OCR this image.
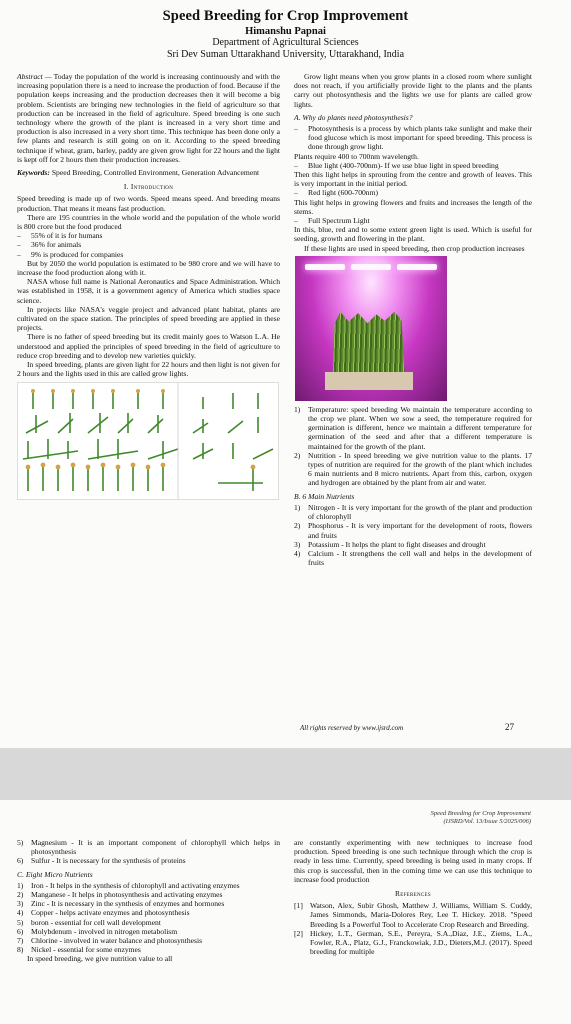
Speed Breeding for Crop Improvement
Himanshu Papnai
Department of Agricultural Sciences
Sri Dev Suman Uttarakhand University, Uttarakhand, India

Abstract — Today the population of the world is increasing continuously and with the increasing population there is a need to increase the production of food. Because if the population keeps increasing and the production decreases then it will become a big problem. Scientists are bringing new technologies in the field of agriculture so that production can be increased in the field of agriculture. Speed breeding is one such technology where the growth of the plant is increased in a very short time and production is also increased in a very short time. This technique has been done only a few plants and research is still going on on it. According to the speed breeding technique if wheat, gram, barley, paddy are given grow light for 22 hours and the light is kept off for 2 hours then their production increases.

Keywords: Speed Breeding, Controlled Environment, Generation Advancement

I. Introduction

Speed breeding is made up of two words. Speed means speed. And breeding means production. That means it means fast production.

There are 195 countries in the whole world and the population of the whole world is 800 crore but the food produced

–	55% of it is for humans
–	36% for animals
–	9% is produced for companies

But by 2050 the world population is estimated to be 980 crore and we will have to increase the food production along with it.

NASA whose full name is National Aeronautics and Space Administration. Which was established in 1958, it is a government agency of America which studies space science.

In projects like NASA's veggie project and advanced plant habitat, plants are cultivated on the space station. The principles of speed breeding are applied in these projects.

There is no father of speed breeding but its credit mainly goes to Watson L.A. He understood and applied the principles of speed breeding in the field of agriculture to reduce crop breeding and to develop new varieties quickly.

In speed breeding, plants are given light for 22 hours and then light is not given for 2 hours and the lights used in this are called grow lights.

Grow light means when you grow plants in a closed room where sunlight does not reach, if you artificially provide light to the plants and the plants carry out photosynthesis and the lights we use for plants are called grow lights.

A. Why do plants need photosynthesis?

–	Photosynthesis is a process by which plants take sunlight and make their food glucose which is most important for speed breeding. This process is done through grow light.

Plants require 400 to 700nm wavelength.

–	Blue light (400-700nm)- If we use blue light in speed breeding

Then this light helps in sprouting from the centre and growth of leaves. This is very important in the initial period.

–	Red light (600-700nm)

This light helps in growing flowers and fruits and increases the length of the stems.

–	Full Spectrum Light

In this, blue, red and to some extent green light is used. Which is useful for seeding, growth and flowering in the plant.

If these lights are used in speed breeding, then crop production increases

1)	Temperature: speed breeding We maintain the temperature according to the crop we plant. When we sow a seed, the temperature required for germination is different, hence we maintain a different temperature for germination of the seed and after that a different temperature is maintained for the growth of the plant.
2)	Nutrition - In speed breeding we give nutrition value to the plants. 17 types of nutrition are required for the growth of the plant which includes 6 main nutrients and 8 micro nutrients. Apart from this, carbon, oxygen and hydrogen are obtained by the plant from air and water.

B. 6 Main Nutrients

1)	Nitrogen - It is very important for the growth of the plant and production of chlorophyll
2)	Phosphorus - It is very important for the development of roots, flowers and fruits
3)	Potassium - It helps the plant to fight diseases and drought
4)	Calcium - It strengthens the cell wall and helps in the development of fruits
All rights reserved by www.ijsrd.com	27
Speed Breeding for Crop Improvement
(IJSRD/Vol. 13/Issue 5/2025/006)
5)	Magnesium - It is an important component of chlorophyll which helps in photosynthesis
6)	Sulfur - It is necessary for the synthesis of proteins

C. Eight Micro Nutrients

1)	Iron - It helps in the synthesis of chlorophyll and activating enzymes
2)	Manganese - It helps in photosynthesis and activating enzymes
3)	Zinc - It is necessary in the synthesis of enzymes and hormones
4)	Copper - helps activate enzymes and photosynthesis
5)	boron - essential for cell wall development
6)	Molybdenum - involved in nitrogen metabolism
7)	Chlorine - involved in water balance and photosynthesis
8)	Nickel - essential for some enzymes

In speed breeding, we give nutrition value to all

are constantly experimenting with new techniques to increase food production. Speed breeding is one such technique through which the crop is ready in less time. Currently, speed breeding is being used in many crops. If this crop is successful, then in the coming time we can use this technique to increase food production

References

[1] Watson, Alex, Subir Ghosh, Matthew J. Williams, William S. Cuddy, James Simmonds, Maria-Dolores Rey, Lee T. Hickey. 2018. "Speed Breeding Is a Powerful Tool to Accelerate Crop Research and Breeding.
[2] Hickey, L.T., German, S.E., Pereyra, S.A.,Diaz, J.E., Ziems, L.A., Fowler, R.A., Platz, G.J., Franckowiak, J.D., Dieters,M.J. (2017). Speed breeding for multiple
